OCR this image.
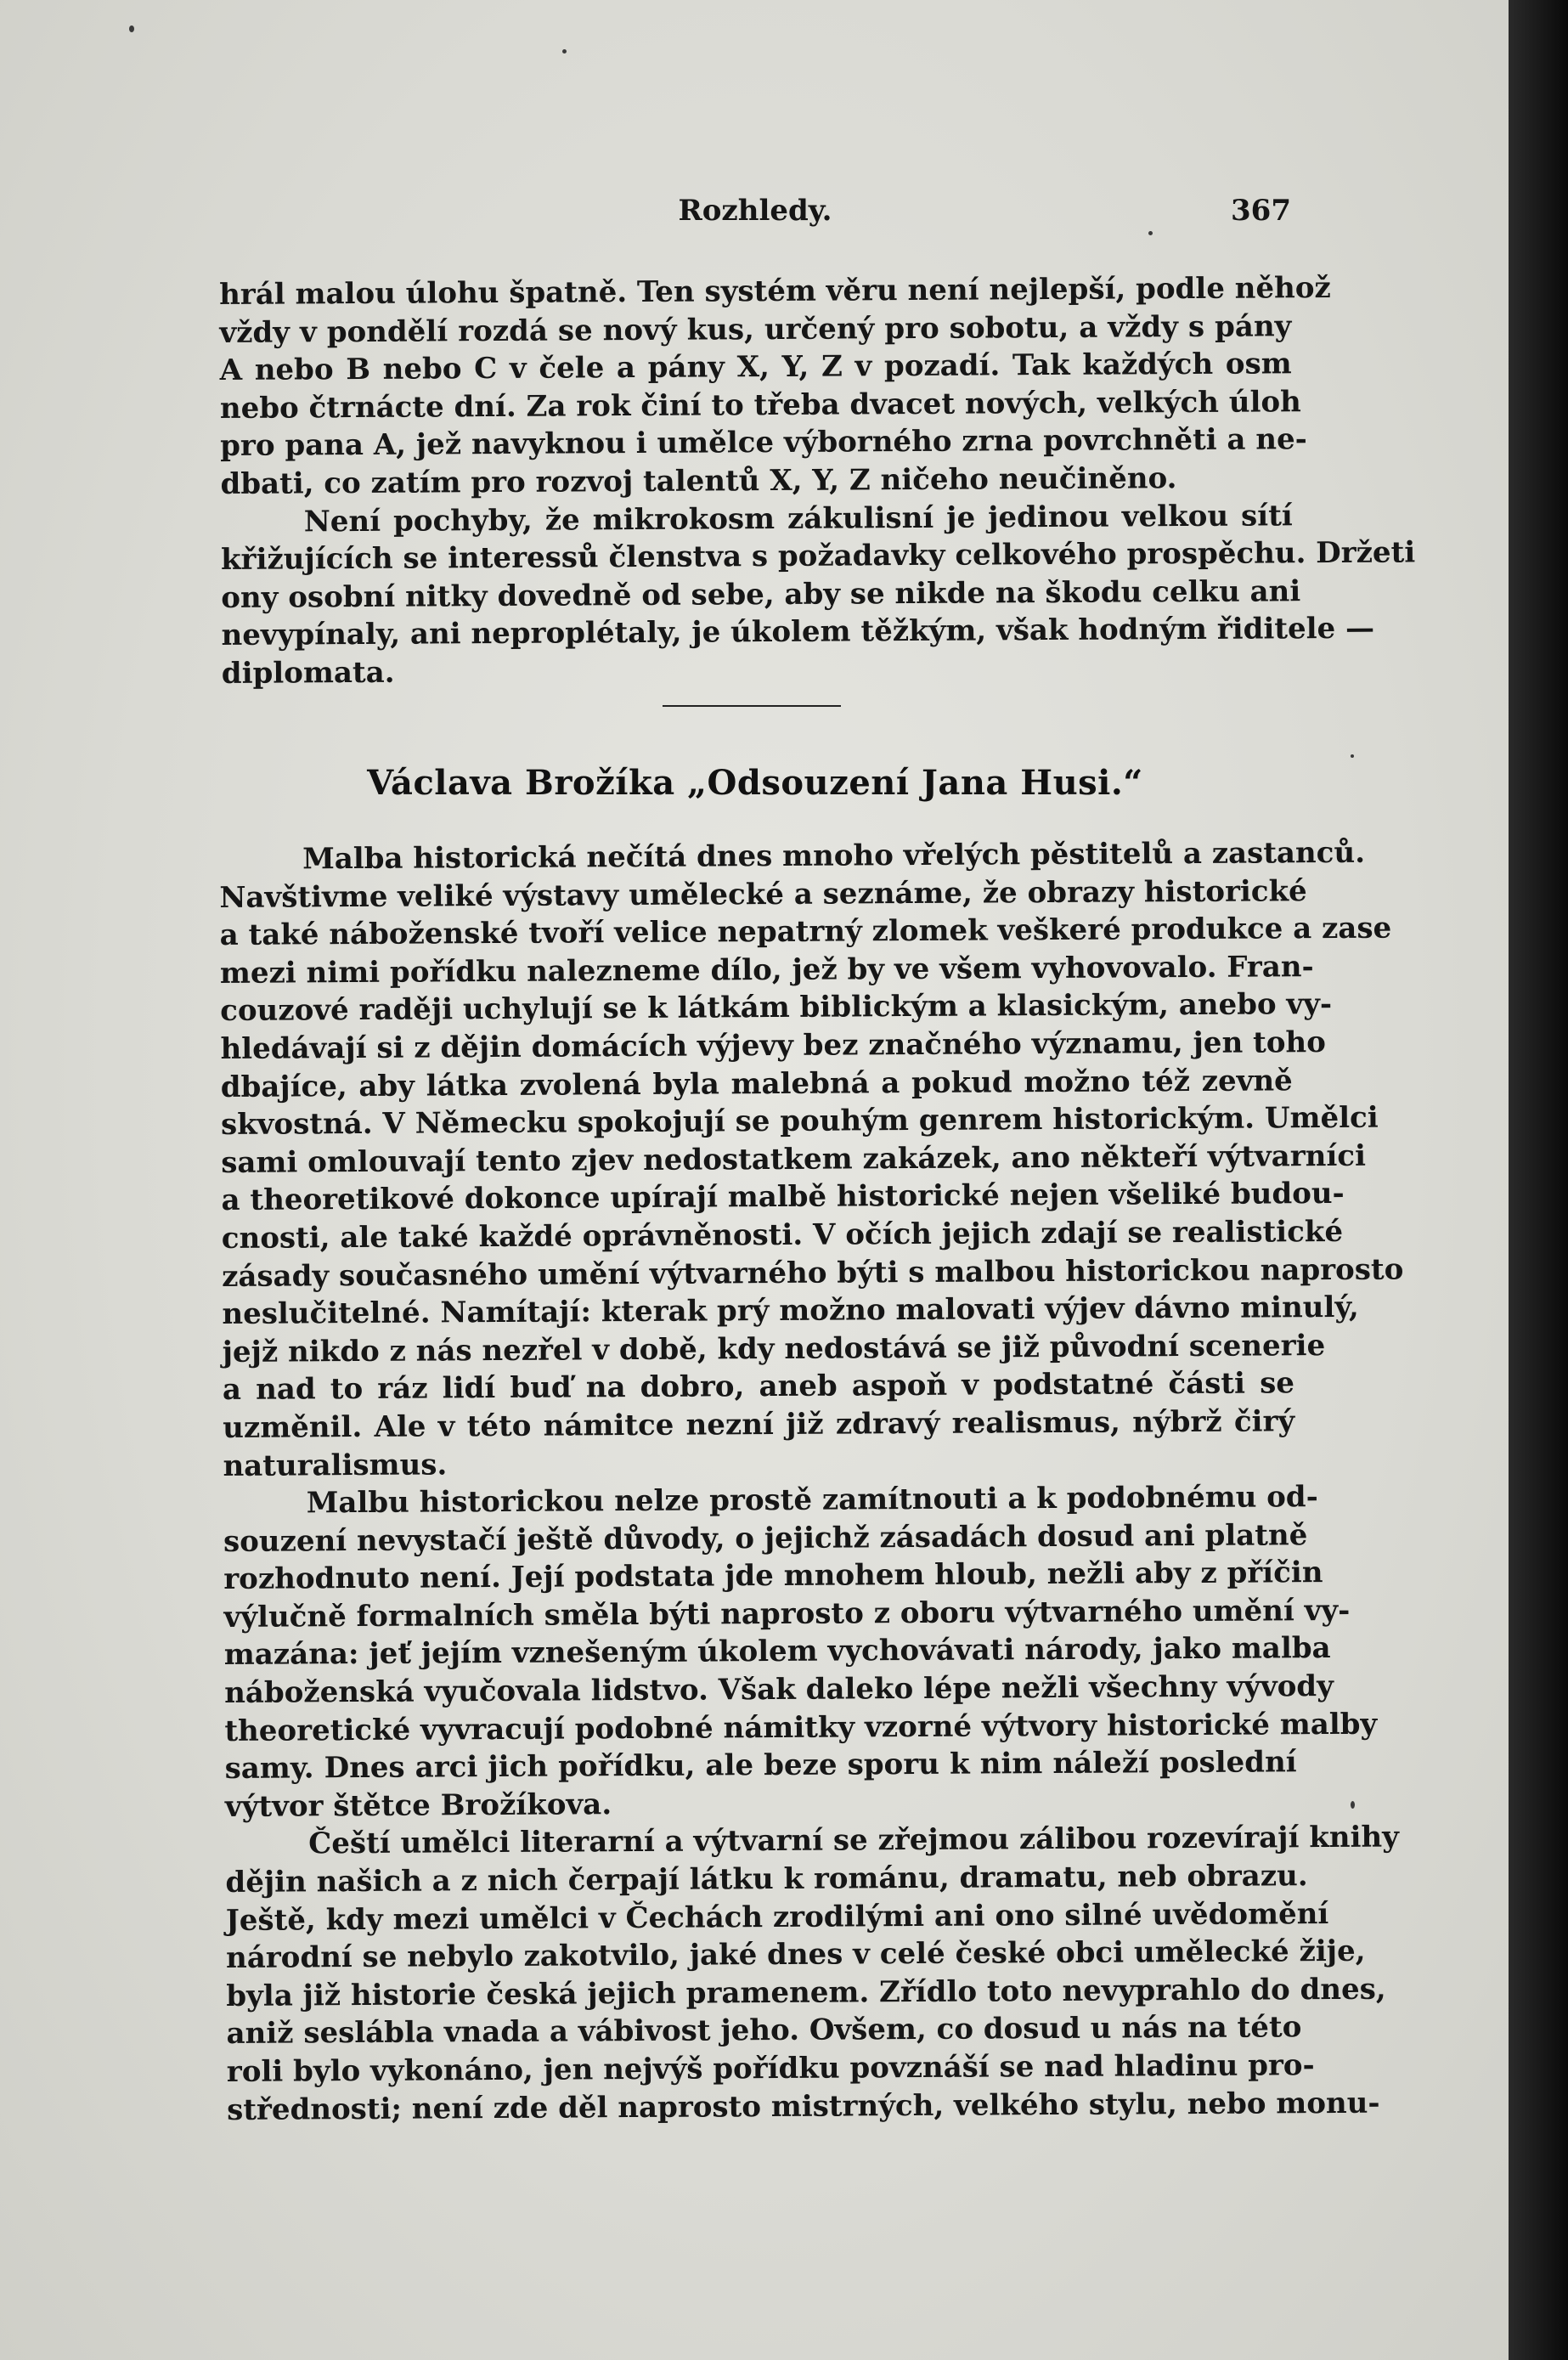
Rozhledy.	367
hrál malou úlohu špatně. Ten systém věru není nejlepší, podle něhož
vždy v pondělí rozdá se nový kus, určený pro sobotu, a vždy s pány
A nebo B nebo C v čele a pány X, Y, Z v pozadí. Tak každých osm
nebo čtrnácte dní. Za rok činí to třeba dvacet nových, velkých úloh
pro pana A, jež navyknou i umělce výborného zrna povrchněti a ne-
dbati, co zatím pro rozvoj talentů X, Y, Z ničeho neučiněno.
Není pochyby, že mikrokosm zákulisní je jedinou velkou sítí
křižujících se interessů členstva s požadavky celkového prospěchu. Držeti
ony osobní nitky dovedně od sebe, aby se nikde na škodu celku ani
nevypínaly, ani neproplétaly, je úkolem těžkým, však hodným řiditele —
diplomata.
Václava Brožíka „Odsouzení Jana Husi.“
Malba historická nečítá dnes mnoho vřelých pěstitelů a zastanců.
Navštivme veliké výstavy umělecké a seznáme, že obrazy historické
a také náboženské tvoří velice nepatrný zlomek veškeré produkce a zase
mezi nimi pořídku nalezneme dílo, jež by ve všem vyhovovalo. Fran-
couzové raději uchylují se k látkám biblickým a klasickým, anebo vy-
hledávají si z dějin domácích výjevy bez značného významu, jen toho
dbajíce, aby látka zvolená byla malebná a pokud možno též zevně
skvostná. V Německu spokojují se pouhým genrem historickým. Umělci
sami omlouvají tento zjev nedostatkem zakázek, ano někteří výtvarníci
a theoretikové dokonce upírají malbě historické nejen všeliké budou-
cnosti, ale také každé oprávněnosti. V očích jejich zdají se realistické
zásady současného umění výtvarného býti s malbou historickou naprosto
neslučitelné. Namítají: kterak prý možno malovati výjev dávno minulý,
jejž nikdo z nás nezřel v době, kdy nedostává se již původní scenerie
a nad to ráz lidí buď na dobro, aneb aspoň v podstatné části se
uzměnil. Ale v této námitce nezní již zdravý realismus, nýbrž čirý
naturalismus.
Malbu historickou nelze prostě zamítnouti a k podobnému od-
souzení nevystačí ještě důvody, o jejichž zásadách dosud ani platně
rozhodnuto není. Její podstata jde mnohem hloub, nežli aby z příčin
výlučně formalních směla býti naprosto z oboru výtvarného umění vy-
mazána: jeť jejím vznešeným úkolem vychovávati národy, jako malba
náboženská vyučovala lidstvo. Však daleko lépe nežli všechny vývody
theoretické vyvracují podobné námitky vzorné výtvory historické malby
samy. Dnes arci jich pořídku, ale beze sporu k nim náleží poslední
výtvor štětce Brožíkova.
Čeští umělci literarní a výtvarní se zřejmou zálibou rozevírají knihy
dějin našich a z nich čerpají látku k románu, dramatu, neb obrazu.
Ještě, kdy mezi umělci v Čechách zrodilými ani ono silné uvědomění
národní se nebylo zakotvilo, jaké dnes v celé české obci umělecké žije,
byla již historie česká jejich pramenem. Zřídlo toto nevyprahlo do dnes,
aniž seslábla vnada a vábivost jeho. Ovšem, co dosud u nás na této
roli bylo vykonáno, jen nejvýš pořídku povznáší se nad hladinu pro-
střednosti; není zde děl naprosto mistrných, velkého stylu, nebo monu-
